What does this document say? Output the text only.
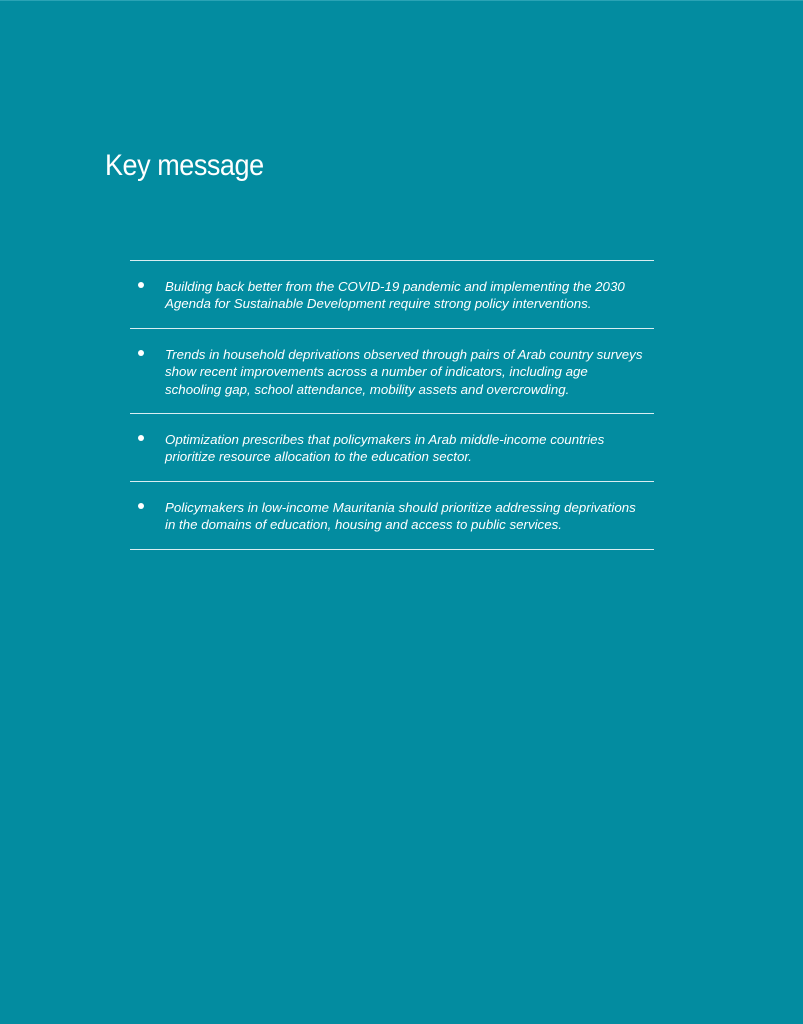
Key message
Building back better from the COVID-19 pandemic and implementing the 2030 Agenda for Sustainable Development require strong policy interventions.
Trends in household deprivations observed through pairs of Arab country surveys show recent improvements across a number of indicators, including age schooling gap, school attendance, mobility assets and overcrowding.
Optimization prescribes that policymakers in Arab middle-income countries prioritize resource allocation to the education sector.
Policymakers in low-income Mauritania should prioritize addressing deprivations in the domains of education, housing and access to public services.
